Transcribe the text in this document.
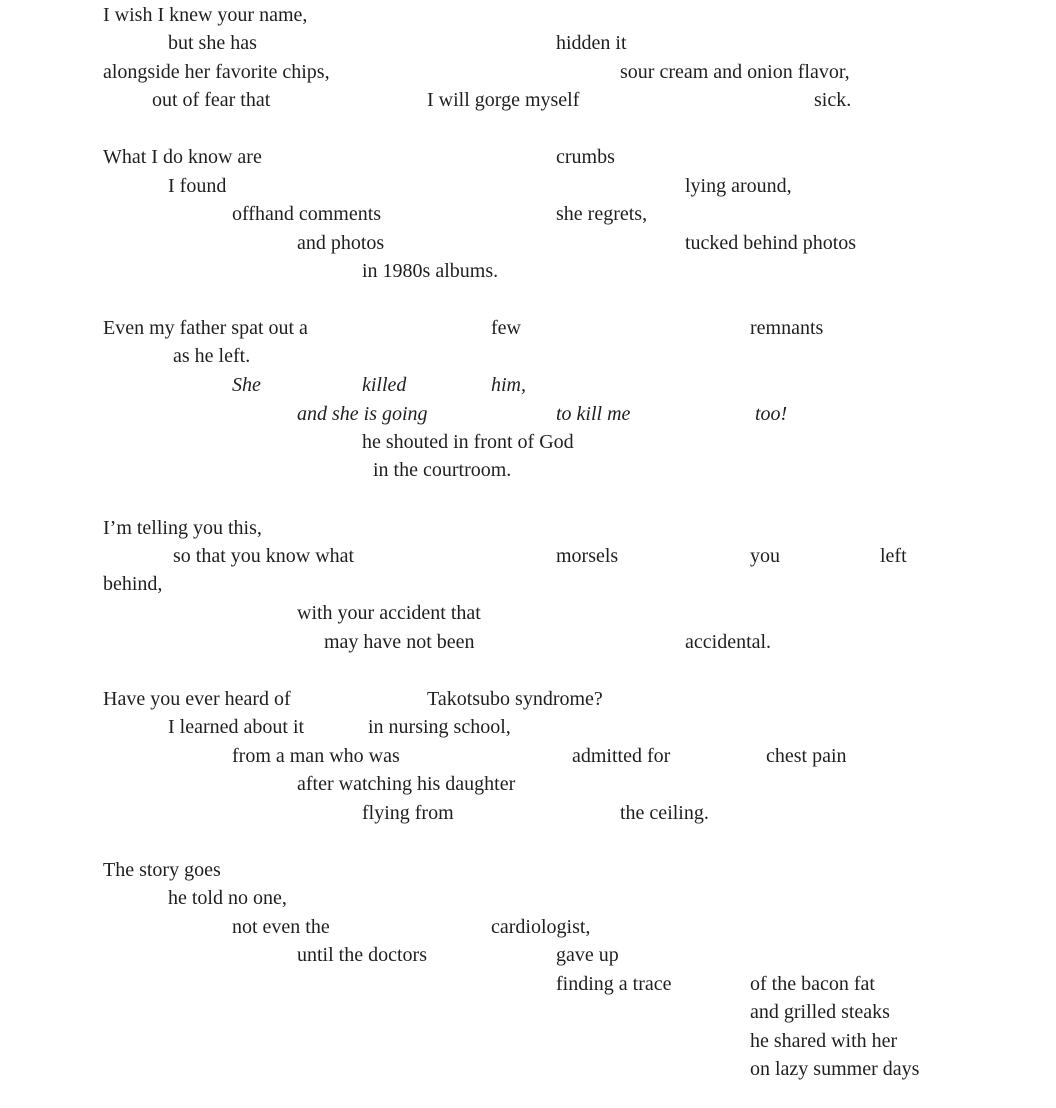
I wish I knew your name,
but she has	hidden it
alongside her favorite chips,	sour cream and onion flavor,
out of fear that	I will gorge myself	sick.
What I do know are	crumbs
I found	lying around,
offhand comments	she regrets,
and photos	tucked behind photos
in 1980s albums.
Even my father spat out a	few	remnants
as he left.
She	killed	him,
and she is going	to kill me	too!
he shouted in front of God
in the courtroom.
I’m telling you this,
so that you know what	morsels	you	left
behind,
with your accident that
may have not been	accidental.
Have you ever heard of	Takotsubo syndrome?
I learned about it	in nursing school,
from a man who was	admitted for	chest pain
after watching his daughter
flying from	the ceiling.
The story goes
he told no one,
not even the	cardiologist,
until the doctors	gave up
finding a trace	of the bacon fat
and grilled steaks
he shared with her
on lazy summer days
